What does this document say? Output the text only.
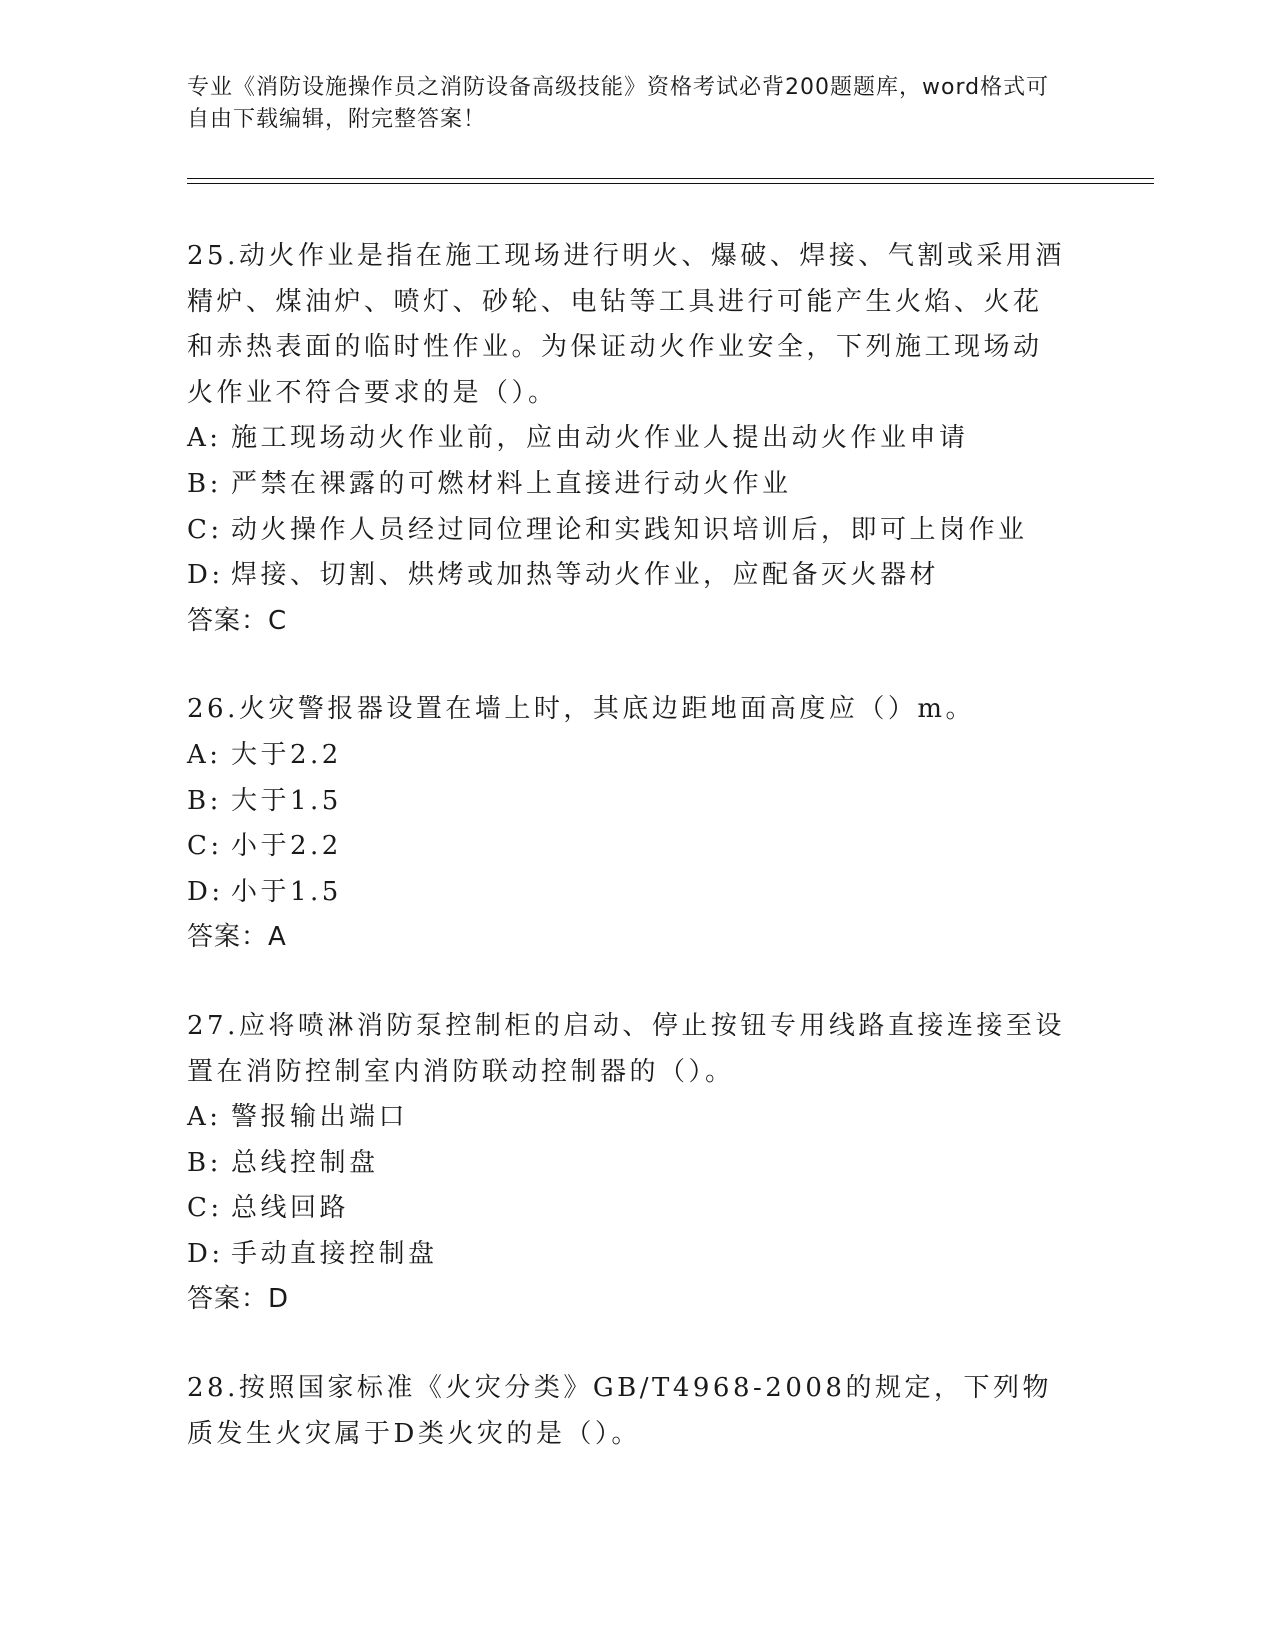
专业《消防设施操作员之消防设备高级技能》资格考试必背200题题库，word格式可自由下载编辑，附完整答案！
25.动火作业是指在施工现场进行明火、爆破、焊接、气割或采用酒精炉、煤油炉、喷灯、砂轮、电钻等工具进行可能产生火焰、火花和赤热表面的临时性作业。为保证动火作业安全，下列施工现场动火作业不符合要求的是（）。
A: 施工现场动火作业前，应由动火作业人提出动火作业申请
B: 严禁在裸露的可燃材料上直接进行动火作业
C: 动火操作人员经过同位理论和实践知识培训后，即可上岗作业
D: 焊接、切割、烘烤或加热等动火作业，应配备灭火器材
答案：C
26.火灾警报器设置在墙上时，其底边距地面高度应（）m。
A: 大于2.2
B: 大于1.5
C: 小于2.2
D: 小于1.5
答案：A
27.应将喷淋消防泵控制柜的启动、停止按钮专用线路直接连接至设置在消防控制室内消防联动控制器的（）。
A: 警报输出端口
B: 总线控制盘
C: 总线回路
D: 手动直接控制盘
答案：D
28.按照国家标准《火灾分类》GB/T4968-2008的规定，下列物质发生火灾属于D类火灾的是（）。
